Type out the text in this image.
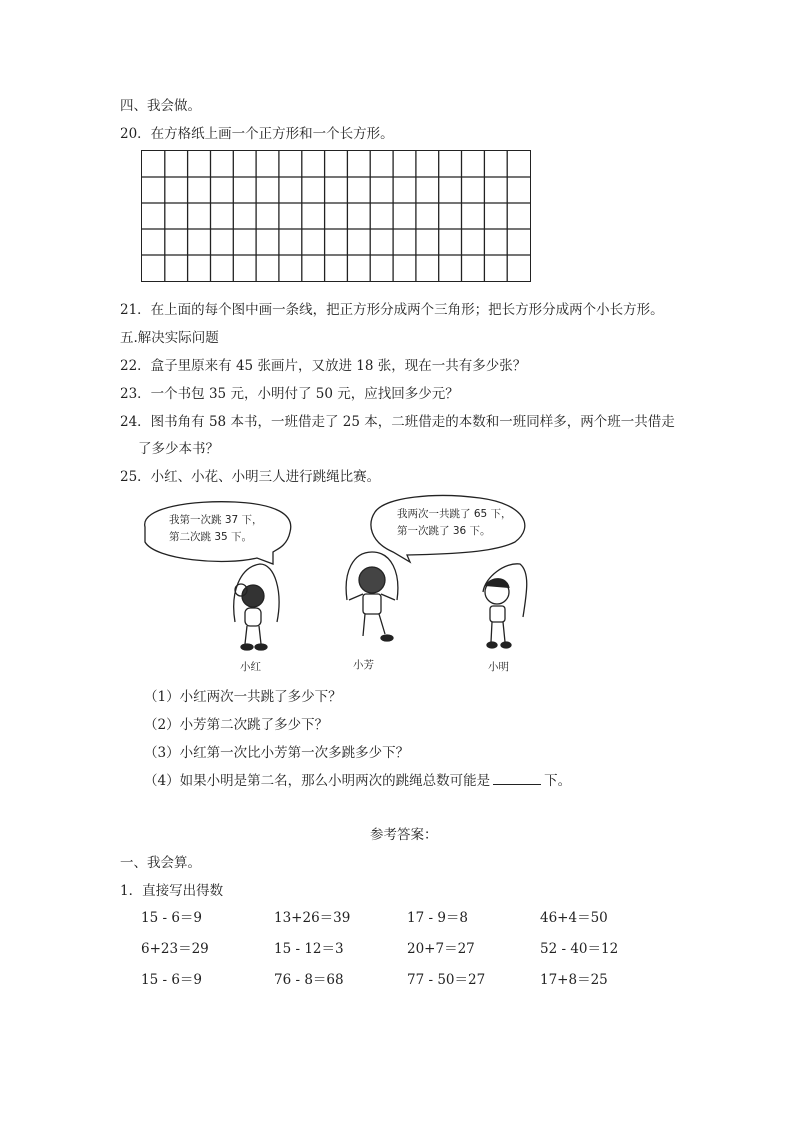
四、我会做。
20．在方格纸上画一个正方形和一个长方形。
21．在上面的每个图中画一条线，把正方形分成两个三角形；把长方形分成两个小长方形。
五.解决实际问题
22．盒子里原来有 45 张画片，又放进 18 张，现在一共有多少张？
23．一个书包 35 元，小明付了 50 元，应找回多少元？
24．图书角有 58 本书，一班借走了 25 本，二班借走的本数和一班同样多，两个班一共借走
了多少本书？
25．小红、小花、小明三人进行跳绳比赛。
我第一次跳 37 下，
第二次跳 35 下。
我两次一共跳了 65 下，
第一次跳了 36 下。
小红	小芳	小明
（1）小红两次一共跳了多少下？
（2）小芳第二次跳了多少下？
（3）小红第一次比小芳第一次多跳多少下？
（4）如果小明是第二名，那么小明两次的跳绳总数可能是	下。
参考答案：
一、我会算。
1．直接写出得数
15 - 6＝9	13+26＝39	17 - 9＝8	46+4＝50
6+23＝29	15 - 12＝3	20+7＝27	52 - 40＝12
15 - 6＝9	76 - 8＝68	77 - 50＝27	17+8＝25
